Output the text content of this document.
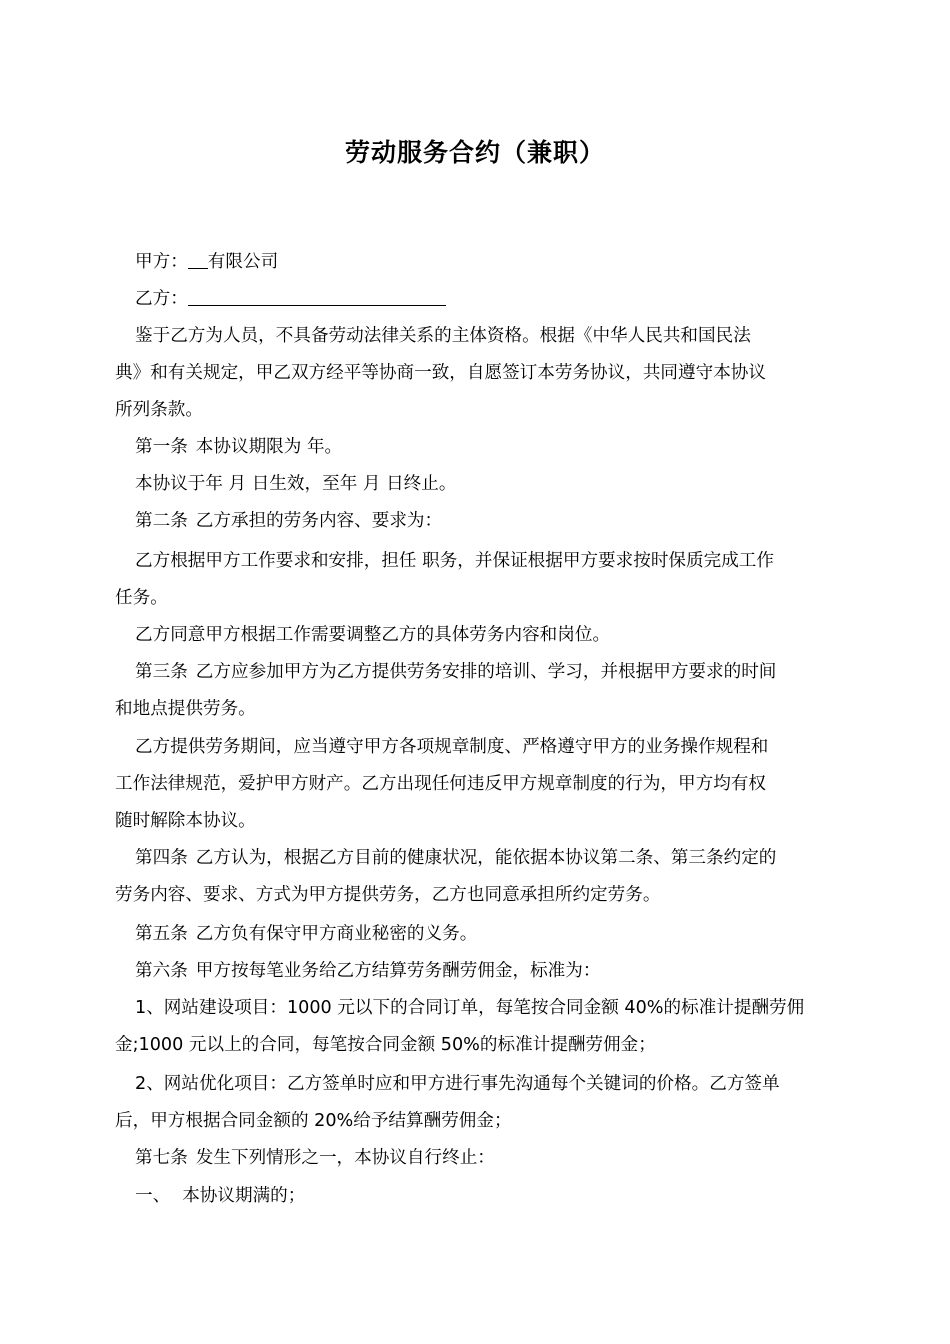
劳动服务合约（兼职）
甲方： 有限公司
乙方：
鉴于乙方为人员，不具备劳动法律关系的主体资格。根据《中华人民共和国民法
典》和有关规定，甲乙双方经平等协商一致，自愿签订本劳务协议，共同遵守本协议
所列条款。
第一条 本协议期限为 年。
本协议于年 月 日生效，至年 月 日终止。
第二条 乙方承担的劳务内容、要求为：
乙方根据甲方工作要求和安排，担任 职务，并保证根据甲方要求按时保质完成工作
任务。
乙方同意甲方根据工作需要调整乙方的具体劳务内容和岗位。
第三条 乙方应参加甲方为乙方提供劳务安排的培训、学习，并根据甲方要求的时间
和地点提供劳务。
乙方提供劳务期间，应当遵守甲方各项规章制度、严格遵守甲方的业务操作规程和
工作法律规范，爱护甲方财产。乙方出现任何违反甲方规章制度的行为，甲方均有权
随时解除本协议。
第四条 乙方认为，根据乙方目前的健康状况，能依据本协议第二条、第三条约定的
劳务内容、要求、方式为甲方提供劳务，乙方也同意承担所约定劳务。
第五条 乙方负有保守甲方商业秘密的义务。
第六条 甲方按每笔业务给乙方结算劳务酬劳佣金，标准为：
1、网站建设项目：1000 元以下的合同订单，每笔按合同金额 40%的标准计提酬劳佣
金;1000 元以上的合同，每笔按合同金额 50%的标准计提酬劳佣金；
2、网站优化项目：乙方签单时应和甲方进行事先沟通每个关键词的价格。乙方签单
后，甲方根据合同金额的 20%给予结算酬劳佣金；
第七条 发生下列情形之一，本协议自行终止：
一、 本协议期满的；
